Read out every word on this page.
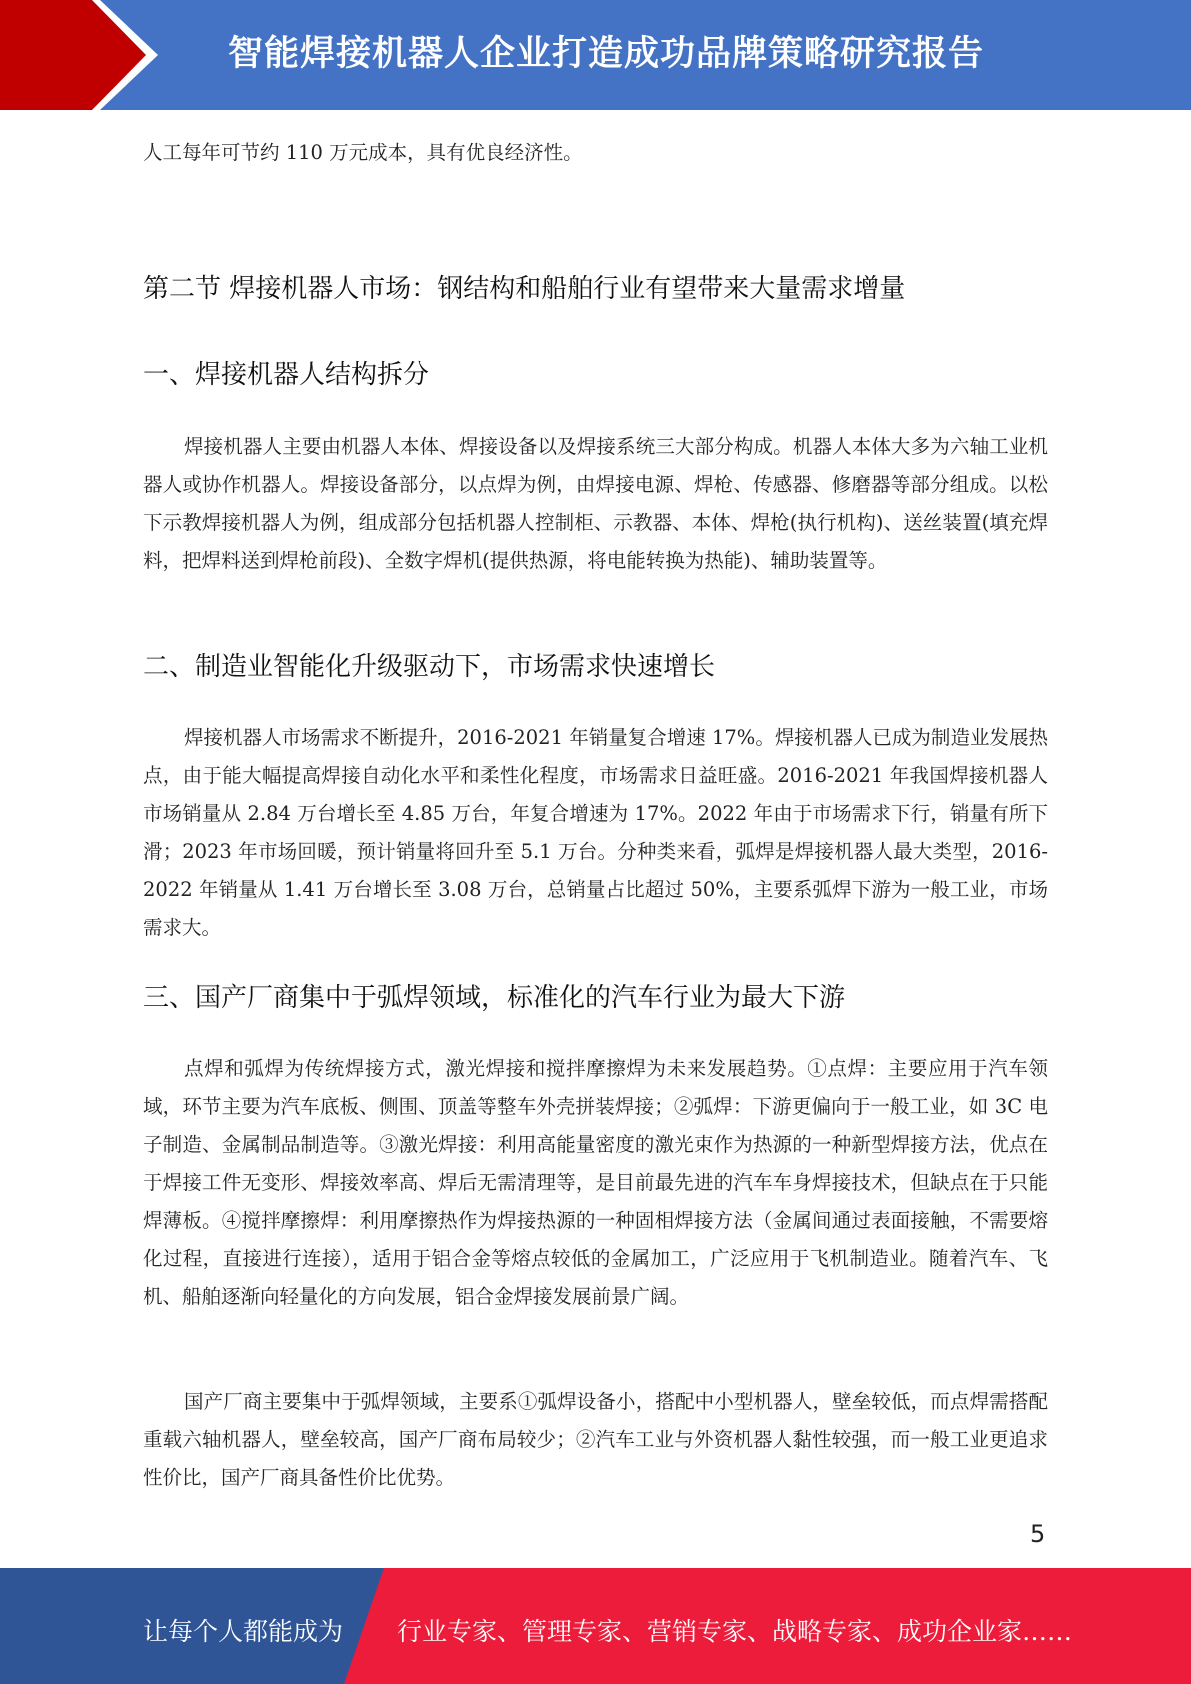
智能焊接机器人企业打造成功品牌策略研究报告

人工每年可节约 110 万元成本，具有优良经济性。

第二节 焊接机器人市场：钢结构和船舶行业有望带来大量需求增量
一、焊接机器人结构拆分

焊接机器人主要由机器人本体、焊接设备以及焊接系统三大部分构成。机器人本体大多为六轴工业机器人或协作机器人。焊接设备部分，以点焊为例，由焊接电源、焊枪、传感器、修磨器等部分组成。以松下示教焊接机器人为例，组成部分包括机器人控制柜、示教器、本体、焊枪(执行机构)、送丝装置(填充焊料，把焊料送到焊枪前段)、全数字焊机(提供热源，将电能转换为热能)、辅助装置等。

二、制造业智能化升级驱动下，市场需求快速增长

焊接机器人市场需求不断提升，2016-2021 年销量复合增速 17%。焊接机器人已成为制造业发展热点，由于能大幅提高焊接自动化水平和柔性化程度，市场需求日益旺盛。2016-2021 年我国焊接机器人市场销量从 2.84 万台增长至 4.85 万台，年复合增速为 17%。2022 年由于市场需求下行，销量有所下滑；2023 年市场回暖，预计销量将回升至 5.1 万台。分种类来看，弧焊是焊接机器人最大类型，2016-2022 年销量从 1.41 万台增长至 3.08 万台，总销量占比超过 50%，主要系弧焊下游为一般工业，市场需求大。

三、国产厂商集中于弧焊领域，标准化的汽车行业为最大下游

点焊和弧焊为传统焊接方式，激光焊接和搅拌摩擦焊为未来发展趋势。①点焊：主要应用于汽车领域，环节主要为汽车底板、侧围、顶盖等整车外壳拼装焊接；②弧焊：下游更偏向于一般工业，如 3C 电子制造、金属制品制造等。③激光焊接：利用高能量密度的激光束作为热源的一种新型焊接方法，优点在于焊接工件无变形、焊接效率高、焊后无需清理等，是目前最先进的汽车车身焊接技术，但缺点在于只能焊薄板。④搅拌摩擦焊：利用摩擦热作为焊接热源的一种固相焊接方法（金属间通过表面接触，不需要熔化过程，直接进行连接），适用于铝合金等熔点较低的金属加工，广泛应用于飞机制造业。随着汽车、飞机、船舶逐渐向轻量化的方向发展，铝合金焊接发展前景广阔。

国产厂商主要集中于弧焊领域，主要系①弧焊设备小，搭配中小型机器人，壁垒较低，而点焊需搭配重载六轴机器人，壁垒较高，国产厂商布局较少；②汽车工业与外资机器人黏性较强，而一般工业更追求性价比，国产厂商具备性价比优势。

5
让每个人都能成为 行业专家、管理专家、营销专家、战略专家、成功企业家……
